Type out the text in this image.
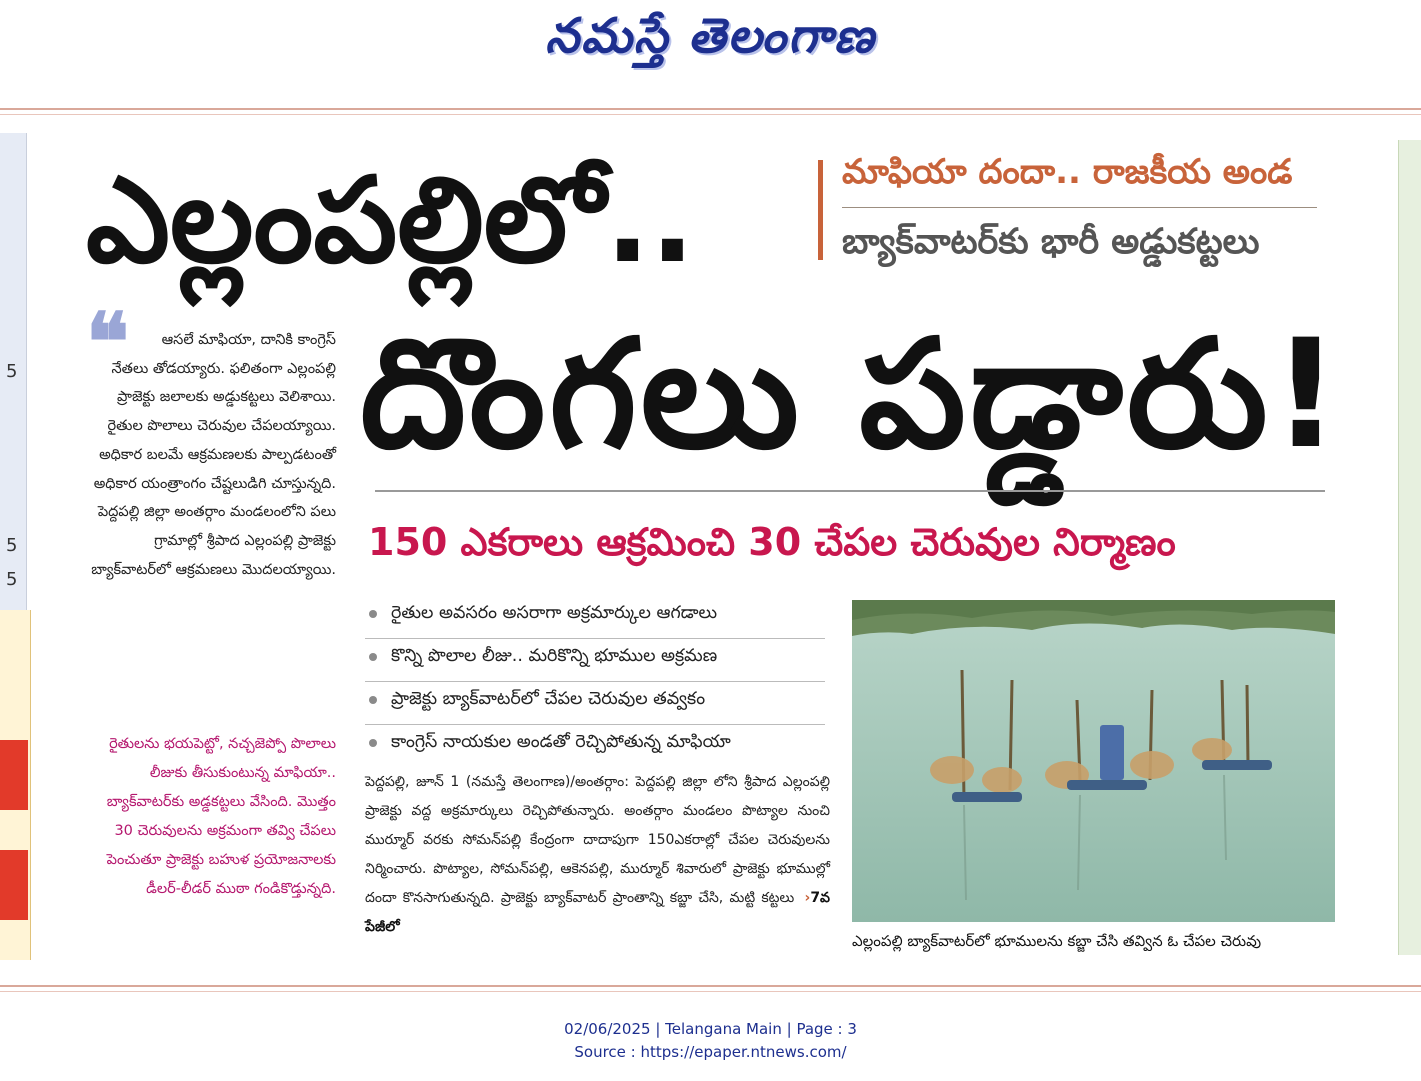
నమస్తే తెలంగాణ
5
5
5
ఎల్లంపల్లిలో..
దొంగలు పడ్డారు!
మాఫియా దందా.. రాజకీయ అండ
బ్యాక్‌వాటర్‌కు భారీ అడ్డుకట్టలు
❝	ఆసలే మాఫియా, దానికి కాంగ్రెస్ నేతలు తోడయ్యారు. ఫలితంగా ఎల్లంపల్లి ప్రాజెక్టు జలాలకు అడ్డుకట్టలు వెలిశాయి. రైతుల పొలాలు చెరువుల చేపలయ్యాయి. అధికార బలమే ఆక్రమణలకు పాల్పడటంతో అధికార యంత్రాంగం చేష్టలుడిగి చూస్తున్నది. పెద్దపల్లి జిల్లా అంతర్గాం మండలంలోని పలు గ్రామాల్లో శ్రీపాద ఎల్లంపల్లి ప్రాజెక్టు బ్యాక్‌వాటర్‌లో ఆక్రమణలు మొదలయ్యాయి.
రైతులను భయపెట్టో, నచ్చజెప్పో పొలాలు లీజుకు తీసుకుంటున్న మాఫియా.. బ్యాక్‌వాటర్‌కు అడ్డకట్టలు వేసింది. మొత్తం 30 చెరువులను అక్రమంగా తవ్వి చేపలు పెంచుతూ ప్రాజెక్టు బహుళ ప్రయోజనాలకు డీలర్-లీడర్ ముఠా గండికొడ్తున్నది.
150 ఎకరాలు ఆక్రమించి 30 చేపల చెరువుల నిర్మాణం
రైతుల అవసరం అసరాగా అక్రమార్కుల ఆగడాలు
కొన్ని పొలాల లీజు.. మరికొన్ని భూముల అక్రమణ
ప్రాజెక్టు బ్యాక్‌వాటర్‌లో చేపల చెరువుల తవ్వకం
కాంగ్రెస్ నాయకుల అండతో రెచ్చిపోతున్న మాఫియా
పెద్దపల్లి, జూన్ 1 (నమస్తే తెలంగాణ)/అంతర్గాం: పెద్దపల్లి జిల్లా లోని శ్రీపాద ఎల్లంపల్లి ప్రాజెక్టు వద్ద అక్రమార్కులు రెచ్చిపోతున్నారు. అంతర్గాం మండలం పొట్యాల నుంచి ముర్మూర్ వరకు సోమన్‌పల్లి కేంద్రంగా దాదాపుగా 150ఎకరాల్లో చేపల చెరువులను నిర్మించారు. పొట్యాల, సోమన్‌పల్లి, ఆకెనపల్లి, ముర్మూర్ శివారులో ప్రాజెక్టు భూముల్లో దందా కొనసాగుతున్నది. ప్రాజెక్టు బ్యాక్‌వాటర్ ప్రాంతాన్ని కబ్జా చేసి, మట్టి కట్టలు ›7వ పేజీలో
ఎల్లంపల్లి బ్యాక్‌వాటర్‌లో భూములను కబ్జా చేసి తవ్విన ఓ చేపల చెరువు
02/06/2025 | Telangana Main | Page : 3
Source : https://epaper.ntnews.com/
